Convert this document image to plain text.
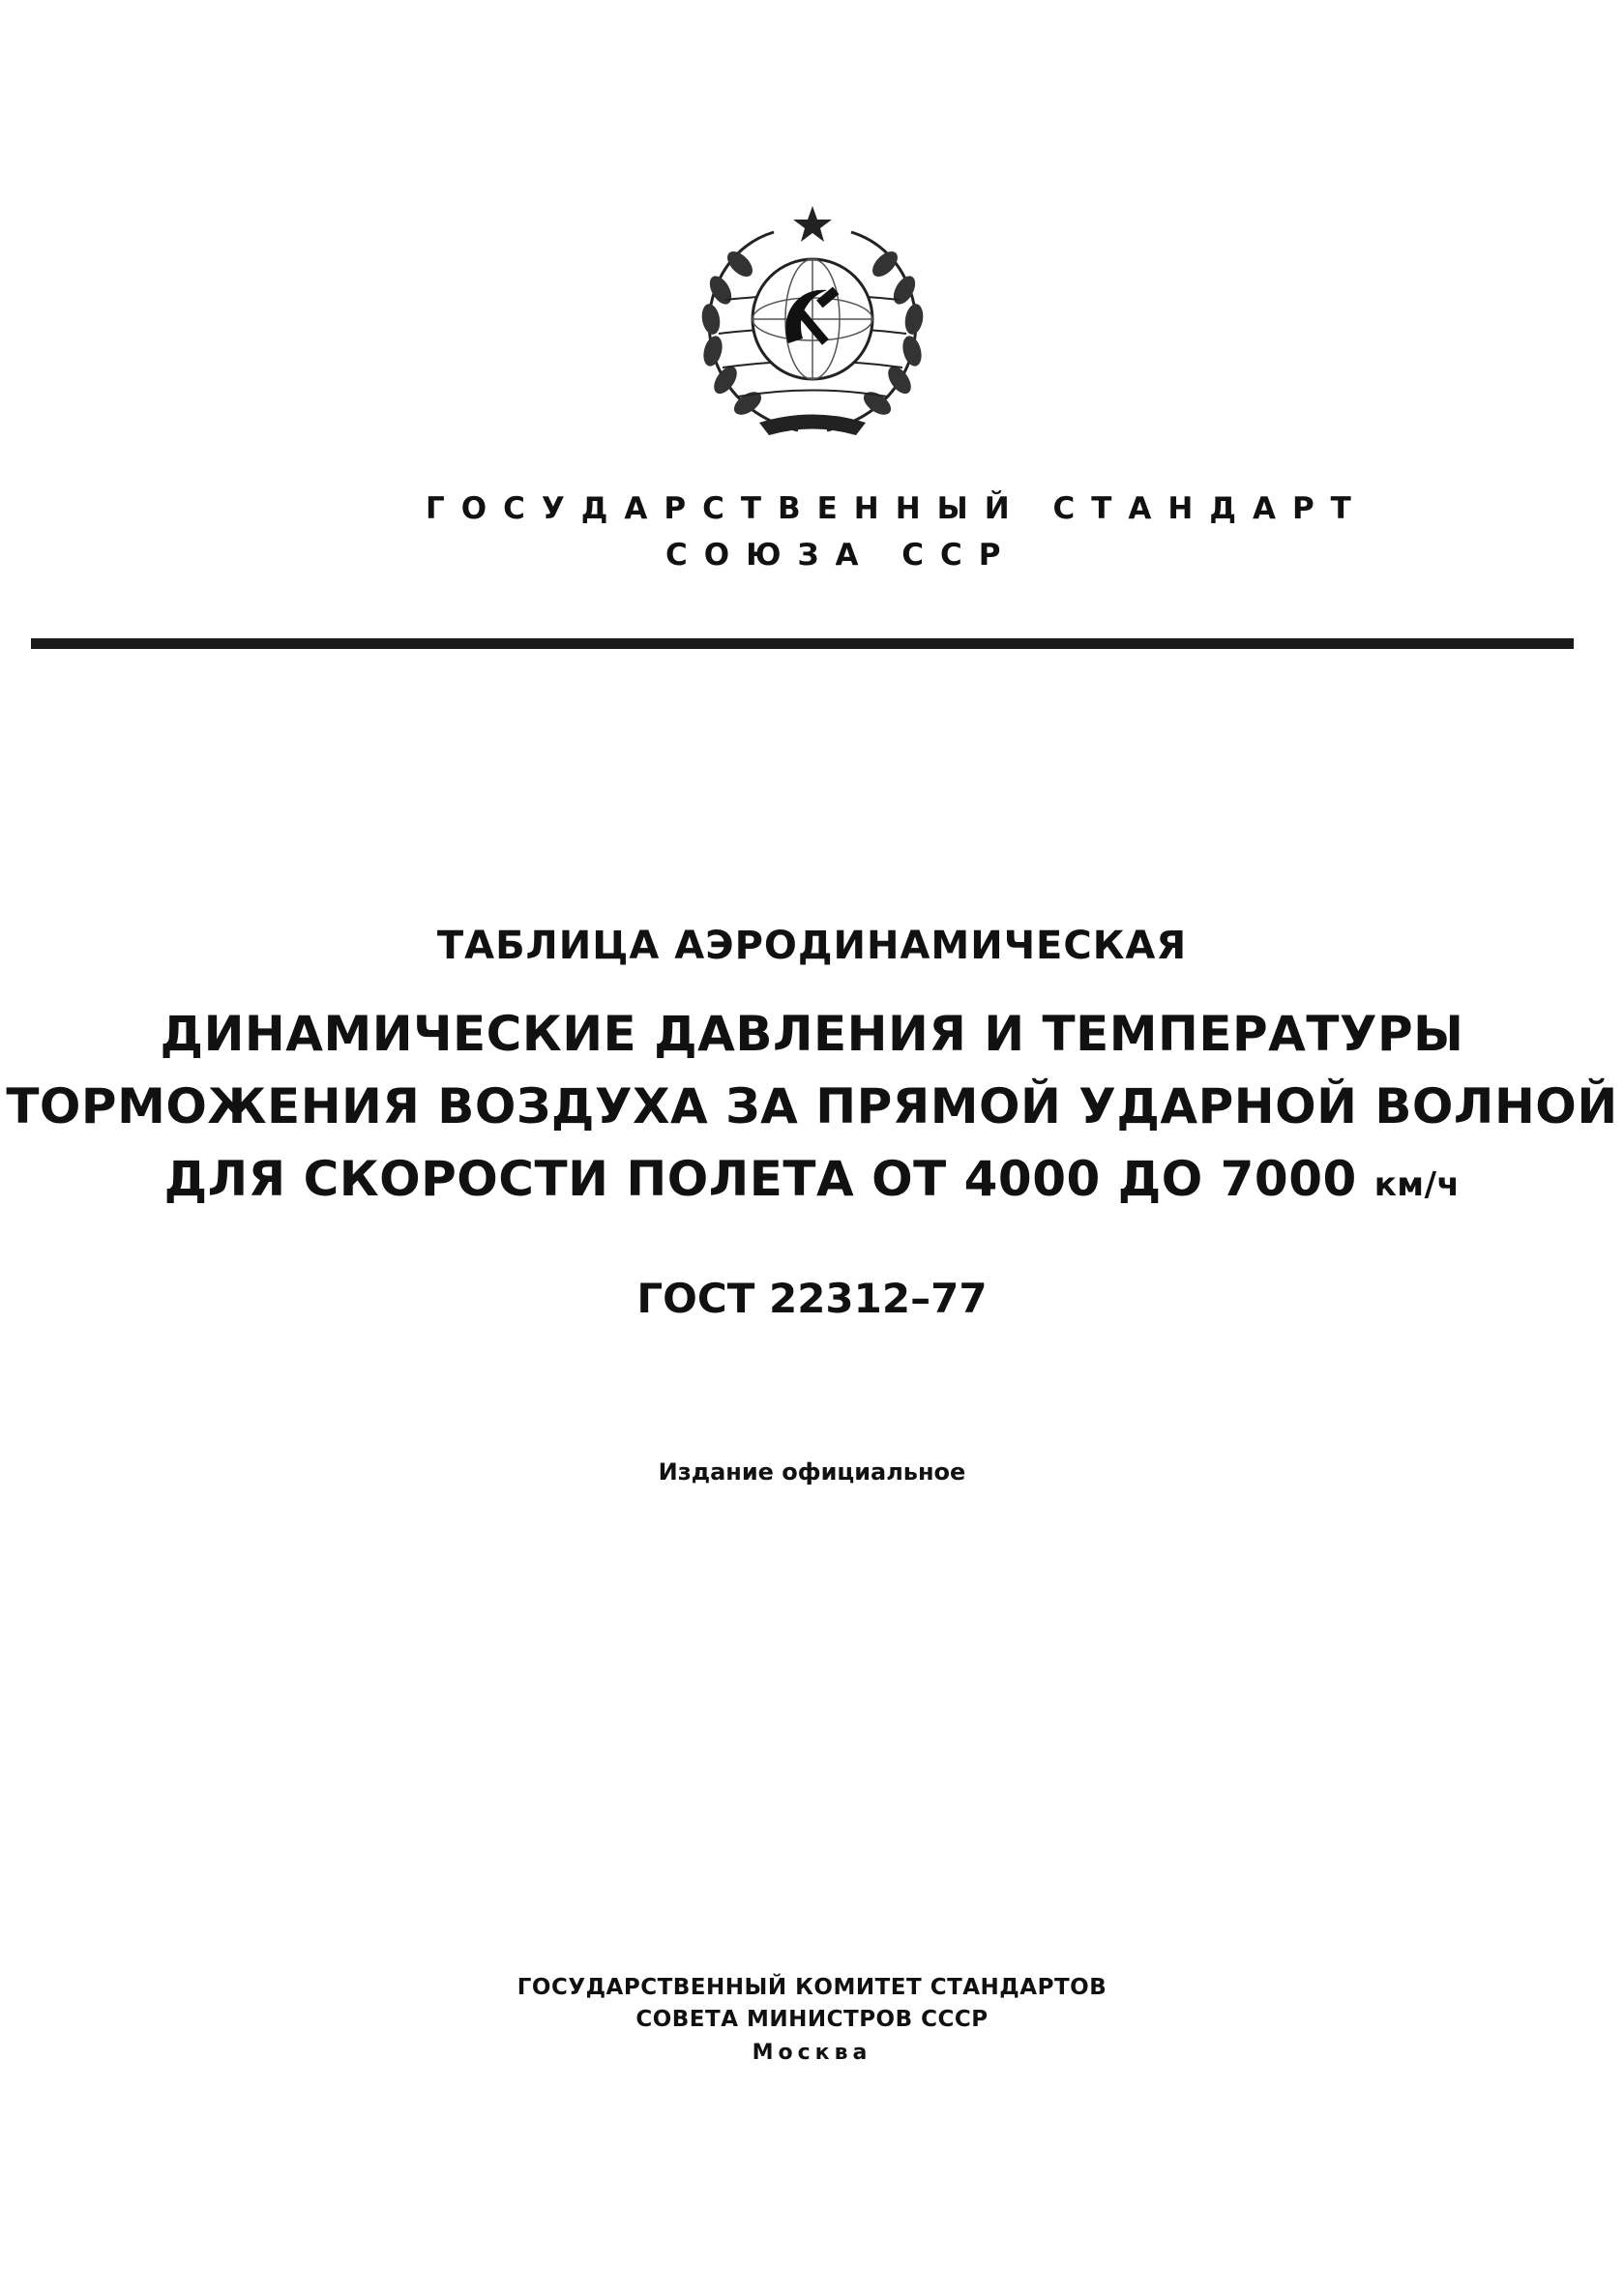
ГОСУДАРСТВЕННЫЙ СТАНДАРТ
СОЮЗА ССР
ТАБЛИЦА АЭРОДИНАМИЧЕСКАЯ
ДИНАМИЧЕСКИЕ ДАВЛЕНИЯ И ТЕМПЕРАТУРЫ
ТОРМОЖЕНИЯ ВОЗДУХА ЗА ПРЯМОЙ УДАРНОЙ ВОЛНОЙ
ДЛЯ СКОРОСТИ ПОЛЕТА ОТ 4000 ДО 7000 км/ч
ГОСТ 22312–77
Издание официальное
ГОСУДАРСТВЕННЫЙ КОМИТЕТ СТАНДАРТОВ
СОВЕТА МИНИСТРОВ СССР
Москва
